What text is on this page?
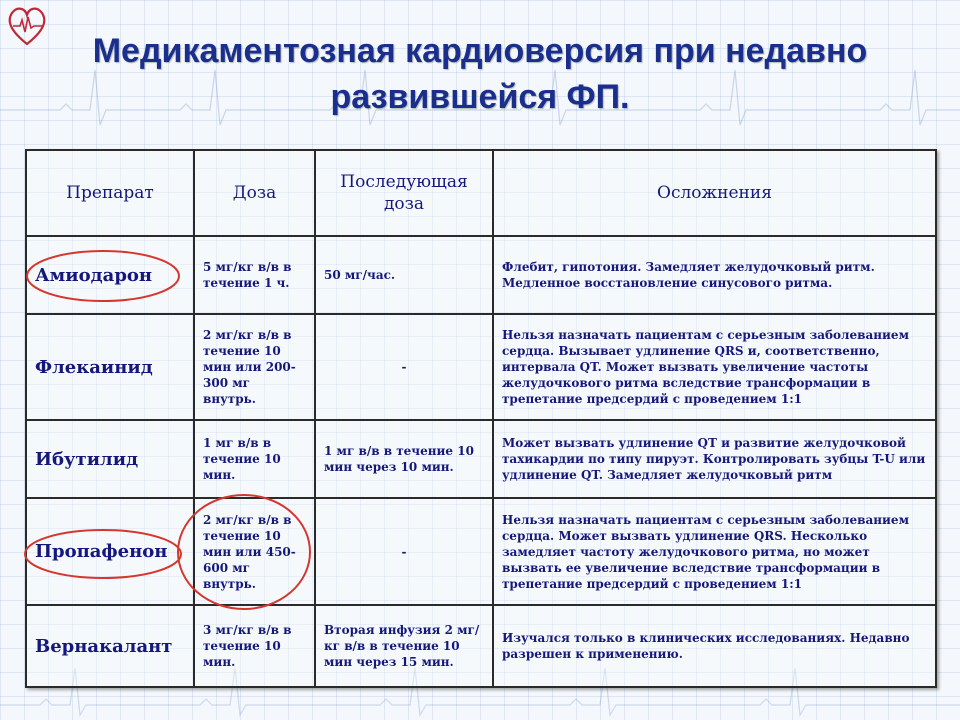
Медикаментозная кардиоверсия при недавно
развившейся ФП.
Препарат	Доза	Последующая доза	Осложнения
Амиодарон	5 мг/кг в/в в течение 1 ч.	50 мг/час.	Флебит, гипотония. Замедляет желудочковый ритм. Медленное восстановление синусового ритма.
Флекаинид	2 мг/кг в/в в течение 10 мин или 200-300 мг внутрь.	-	Нельзя назначать пациентам с серьезным заболеванием сердца. Вызывает удлинение QRS и, соответственно, интервала QT. Может вызвать увеличение частоты желудочкового ритма вследствие трансформации в трепетание предсердий с проведением 1:1
Ибутилид	1 мг в/в в течение 10 мин.	1 мг в/в в течение 10 мин через 10 мин.	Может вызвать удлинение QT и развитие желудочковой тахикардии по типу пируэт. Контролировать зубцы T-U или удлинение QT. Замедляет желудочковый ритм
Пропафенон	2 мг/кг в/в в течение 10 мин или 450-600 мг внутрь.	-	Нельзя назначать пациентам с серьезным заболеванием сердца. Может вызвать удлинение QRS. Несколько замедляет частоту желудочкового ритма, но может вызвать ее увеличение вследствие трансформации в трепетание предсердий с проведением 1:1
Вернакалант	3 мг/кг в/в в течение 10 мин.	Вторая инфузия 2 мг/кг в/в в течение 10 мин через 15 мин.	Изучался только в клинических исследованиях. Недавно разрешен к применению.
